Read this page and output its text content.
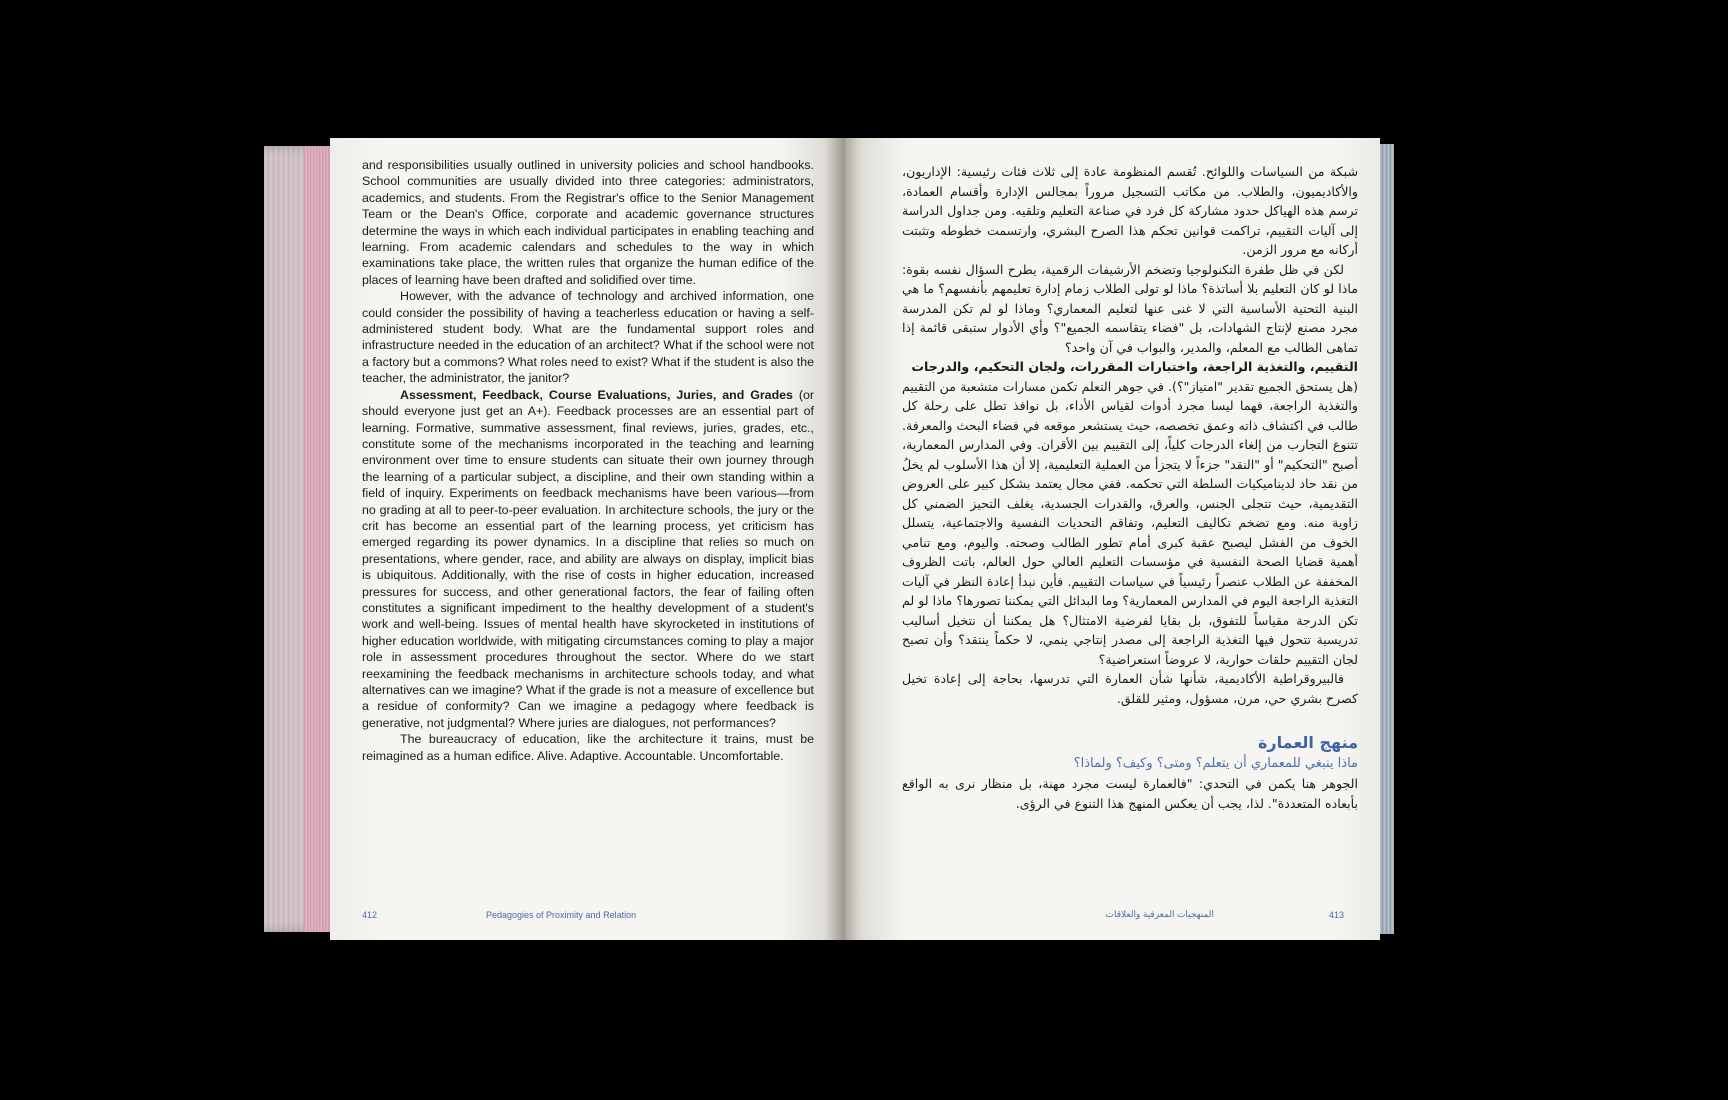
and responsibilities usually outlined in university policies and school handbooks. School communities are usually divided into three categories: administrators, academics, and students. From the Registrar's office to the Senior Management Team or the Dean's Office, corporate and academic governance structures determine the ways in which each individual participates in enabling teaching and learning. From academic calendars and schedules to the way in which examinations take place, the written rules that organize the human edifice of the places of learning have been drafted and solidified over time.

However, with the advance of technology and archived information, one could consider the possibility of having a teacherless education or having a self-administered student body. What are the fundamental support roles and infrastructure needed in the education of an architect? What if the school were not a factory but a commons? What roles need to exist? What if the student is also the teacher, the administrator, the janitor?

Assessment, Feedback, Course Evaluations, Juries, and Grades (or should everyone just get an A+). Feedback processes are an essential part of learning. Formative, summative assessment, final reviews, juries, grades, etc., constitute some of the mechanisms incorporated in the teaching and learning environment over time to ensure students can situate their own journey through the learning of a particular subject, a discipline, and their own standing within a field of inquiry. Experiments on feedback mechanisms have been various—from no grading at all to peer-to-peer evaluation. In architecture schools, the jury or the crit has become an essential part of the learning process, yet criticism has emerged regarding its power dynamics. In a discipline that relies so much on presentations, where gender, race, and ability are always on display, implicit bias is ubiquitous. Additionally, with the rise of costs in higher education, increased pressures for success, and other generational factors, the fear of failing often constitutes a significant impediment to the healthy development of a student's work and well-being. Issues of mental health have skyrocketed in institutions of higher education worldwide, with mitigating circumstances coming to play a major role in assessment procedures throughout the sector. Where do we start reexamining the feedback mechanisms in architecture schools today, and what alternatives can we imagine? What if the grade is not a measure of excellence but a residue of conformity? Can we imagine a pedagogy where feedback is generative, not judgmental? Where juries are dialogues, not performances?

The bureaucracy of education, like the architecture it trains, must be reimagined as a human edifice. Alive. Adaptive. Accountable. Uncomfortable.

412	Pedagogies of Proximity and Relation

شبكة من السياسات واللوائح. تُقسم المنظومة عادة إلى ثلاث فئات رئيسية: الإداريون، والأكاديميون، والطلاب. من مكاتب التسجيل مروراً بمجالس الإدارة وأقسام العمادة، ترسم هذه الهياكل حدود مشاركة كل فرد في صناعة التعليم وتلقيه. ومن جداول الدراسة إلى آليات التقييم، تراكمت قوانين تحكم هذا الصرح البشري، وارتسمت خطوطه وتثبتت أركانه مع مرور الزمن.

لكن في ظل طفرة التكنولوجيا وتضخم الأرشيفات الرقمية، يطرح السؤال نفسه بقوة: ماذا لو كان التعليم بلا أساتذة؟ ماذا لو تولى الطلاب زمام إدارة تعليمهم بأنفسهم؟ ما هي البنية التحتية الأساسية التي لا غنى عنها لتعليم المعماري؟ وماذا لو لم تكن المدرسة مجرد مصنع لإنتاج الشهادات، بل "فضاء يتقاسمه الجميع"؟ وأي الأدوار ستبقى قائمة إذا تماهى الطالب مع المعلم، والمدير، والبواب في آن واحد؟

التقييم، والتغذية الراجعة، واختبارات المقررات، ولجان التحكيم، والدرجات

(هل يستحق الجميع تقدير "امتياز"؟). في جوهر التعلم تكمن مسارات متشعبة من التقييم والتغذية الراجعة، فهما ليسا مجرد أدوات لقياس الأداء، بل نوافذ تطل على رحلة كل طالب في اكتشاف ذاته وعمق تخصصه، حيث يستشعر موقعه في فضاء البحث والمعرفة. تتنوع التجارب من إلغاء الدرجات كلياً، إلى التقييم بين الأقران. وفي المدارس المعمارية، أصبح "التحكيم" أو "النقد" جزءاً لا يتجزأ من العملية التعليمية، إلا أن هذا الأسلوب لم يخلُ من نقد حاد لديناميكيات السلطة التي تحكمه. ففي مجال يعتمد بشكل كبير على العروض التقديمية، حيث تتجلى الجنس، والعرق، والقدرات الجسدية، يغلف التحيز الضمني كل زاوية منه. ومع تضخم تكاليف التعليم، وتفاقم التحديات النفسية والاجتماعية، يتسلل الخوف من الفشل ليصبح عقبة كبرى أمام تطور الطالب وصحته. واليوم، ومع تنامي أهمية قضايا الصحة النفسية في مؤسسات التعليم العالي حول العالم، باتت الظروف المخففة عن الطلاب عنصراً رئيسياً في سياسات التقييم. فأين نبدأ إعادة النظر في آليات التغذية الراجعة اليوم في المدارس المعمارية؟ وما البدائل التي يمكننا تصورها؟ ماذا لو لم تكن الدرجة مقياساً للتفوق، بل بقايا لفرضية الامتثال؟ هل يمكننا أن نتخيل أساليب تدريسية تتحول فيها التغذية الراجعة إلى مصدر إنتاجي ينمي، لا حكماً ينتقد؟ وأن تصبح لجان التقييم حلقات حوارية، لا عروضاً استعراضية؟

فالبيروقراطية الأكاديمية، شأنها شأن العمارة التي تدرسها، بحاجة إلى إعادة تخيل كصرح بشري حي، مرن، مسؤول، ومثير للقلق.

منهج العمارة

ماذا ينبغي للمعماري أن يتعلم؟ ومتى؟ وكيف؟ ولماذا؟

الجوهر هنا يكمن في التحدي: "فالعمارة ليست مجرد مهنة، بل منظار نرى به الواقع بأبعاده المتعددة". لذا، يجب أن يعكس المنهج هذا التنوع في الرؤى.

المنهجيات المعرفية والعلاقات	413
